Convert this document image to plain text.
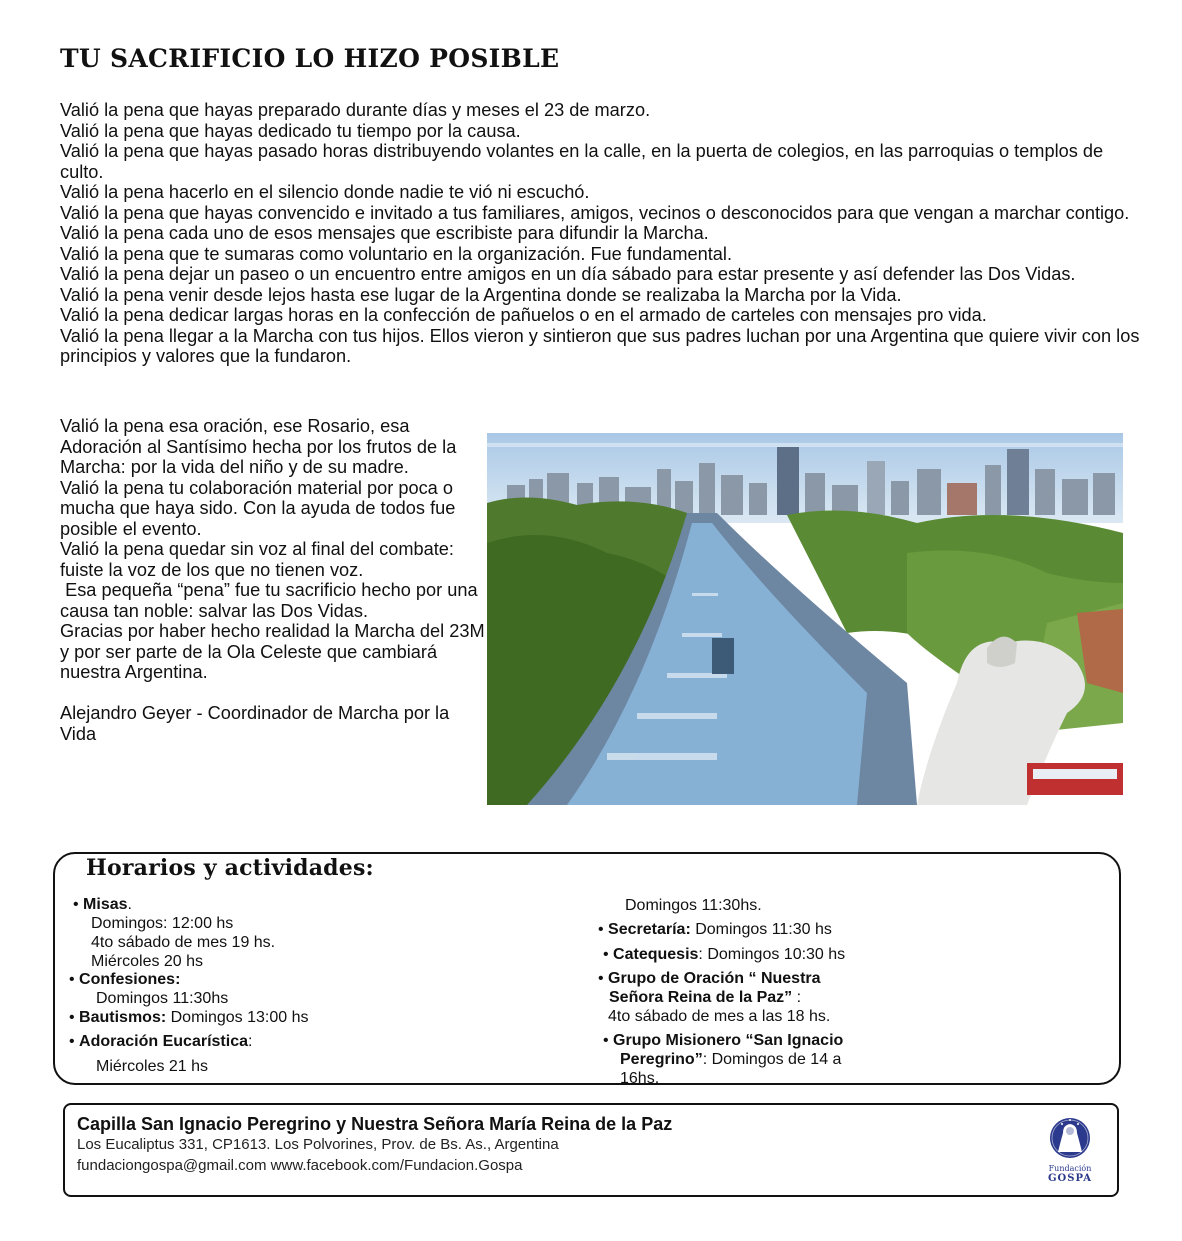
TU SACRIFICIO LO HIZO POSIBLE

Valió la pena que hayas preparado durante días y meses el 23 de marzo.

Valió la pena que hayas dedicado tu tiempo por la causa.

Valió la pena que hayas pasado horas distribuyendo volantes en la calle, en la puerta de colegios, en las parroquias o templos de culto.

Valió la pena hacerlo en el silencio donde nadie te vió ni escuchó.

Valió la pena que hayas convencido e invitado a tus familiares, amigos, vecinos o desconocidos para que vengan a marchar contigo.

Valió la pena cada uno de esos mensajes que escribiste para difundir la Marcha.

Valió la pena que te sumaras como voluntario en la organización. Fue fundamental.

Valió la pena dejar un paseo o un encuentro entre amigos en un día sábado para estar presente y así defender las Dos Vidas.

Valió la pena venir desde lejos hasta ese lugar de la Argentina donde se realizaba la Marcha por la Vida.

Valió la pena dedicar largas horas en la confección de pañuelos o en el armado de carteles con mensajes pro vida.

Valió la pena llegar a la Marcha con tus hijos. Ellos vieron y sintieron que sus padres luchan por una Argentina que quiere vivir con los principios y valores que la fundaron.

Valió la pena esa oración, ese Rosario, esa Adoración al Santísimo hecha por los frutos de la Marcha: por la vida del niño y de su madre.

Valió la pena tu colaboración material por poca o mucha que haya sido. Con la ayuda de todos fue posible el evento.

Valió la pena quedar sin voz al final del combate: fuiste la voz de los que no tienen voz.

Esa pequeña “pena” fue tu sacrificio hecho por una causa tan noble: salvar las Dos Vidas.

Gracias por haber hecho realidad la Marcha del 23M y por ser parte de la Ola Celeste que cambiará nuestra Argentina.

Alejandro Geyer - Coordinador de Marcha por la Vida

Horarios y actividades:
• Misas.
Domingos: 12:00 hs
4to sábado de mes 19 hs.
Miércoles 20 hs
• Confesiones:
Domingos 11:30hs
• Bautismos: Domingos 13:00 hs
• Adoración Eucarística:
Miércoles 21 hs
Domingos 11:30hs.
• Secretaría: Domingos 11:30 hs
• Catequesis: Domingos 10:30 hs
• Grupo de Oración “ Nuestra
Señora Reina de la Paz” :
4to sábado de mes a las 18 hs.
• Grupo Misionero “San Ignacio
Peregrino”: Domingos de 14 a
16hs.
Capilla San Ignacio Peregrino y Nuestra Señora María Reina de la Paz
Los Eucaliptus 331, CP1613. Los Polvorines, Prov. de Bs. As., Argentina
fundaciongospa@gmail.com www.facebook.com/Fundacion.Gospa	Fundación
GOSPA
